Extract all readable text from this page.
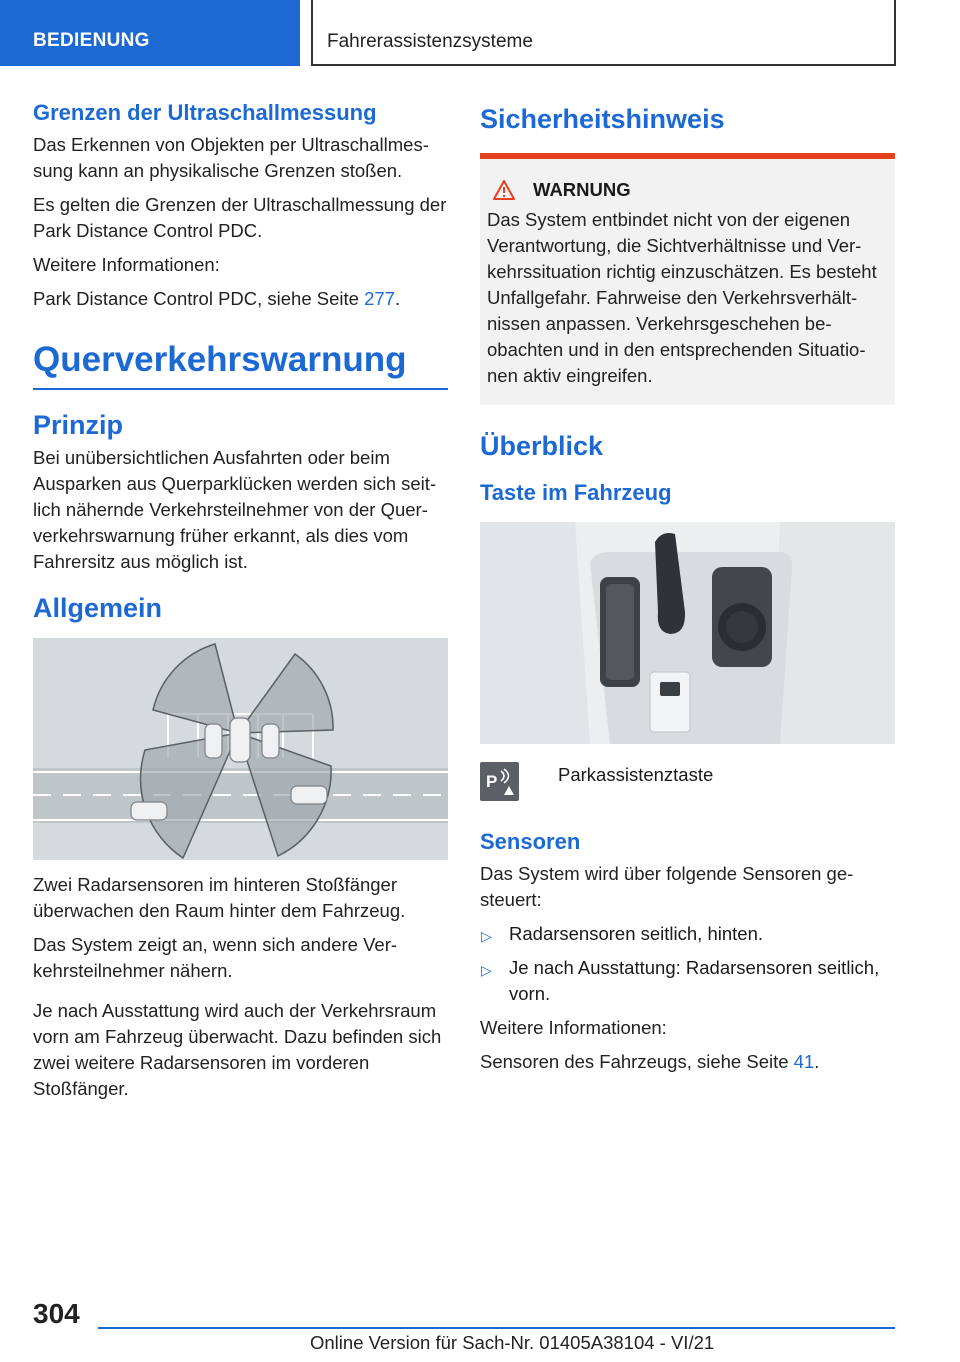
BEDIENUNG	Fahrerassistenzsysteme
Grenzen der Ultraschallmessung

Das Erkennen von Objekten per Ultraschallmessung kann an physikalische Grenzen stoßen.

Es gelten die Grenzen der Ultraschallmessung der Park Distance Control PDC.

Weitere Informationen:

Park Distance Control PDC, siehe Seite 277.

Querverkehrswarnung
Prinzip

Bei unübersichtlichen Ausfahrten oder beim Ausparken aus Querparklücken werden sich seitlich nähernde Verkehrsteilnehmer von der Querverkehrswarnung früher erkannt, als dies vom Fahrersitz aus möglich ist.

Allgemein

Zwei Radarsensoren im hinteren Stoßfänger überwachen den Raum hinter dem Fahrzeug.

Das System zeigt an, wenn sich andere Verkehrsteilnehmer nähern.

Je nach Ausstattung wird auch der Verkehrsraum vorn am Fahrzeug überwacht. Dazu befinden sich zwei weitere Radarsensoren im vorderen Stoßfänger.

Sicherheitshinweis
WARNUNG

Das System entbindet nicht von der eigenen Verantwortung, die Sichtverhältnisse und Verkehrssituation richtig einzuschätzen. Es besteht Unfallgefahr. Fahrweise den Verkehrsverhältnissen anpassen. Verkehrsgeschehen beobachten und in den entsprechenden Situationen aktiv eingreifen.

Überblick
Taste im Fahrzeug
P	Parkassistenztaste
Sensoren

Das System wird über folgende Sensoren gesteuert:

▷ Radarsensoren seitlich, hinten.
▷ Je nach Ausstattung: Radarsensoren seitlich, vorn.

Weitere Informationen:

Sensoren des Fahrzeugs, siehe Seite 41.

304
Online Version für Sach-Nr. 01405A38104 - VI/21
